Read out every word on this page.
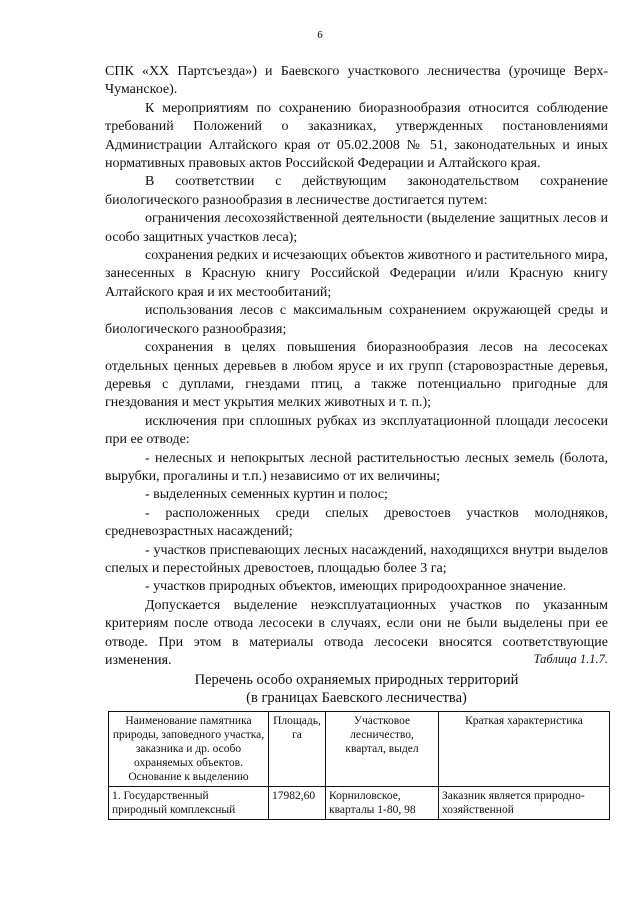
6

СПК «XX Партсъезда») и Баевского участкового лесничества (урочище Верх-Чуманское).

К мероприятиям по сохранению биоразнообразия относится соблюдение требований Положений о заказниках, утвержденных постановлениями Администрации Алтайского края от 05.02.2008 № 51, законодательных и иных нормативных правовых актов Российской Федерации и Алтайского края.

В соответствии с действующим законодательством сохранение биологического разнообразия в лесничестве достигается путем:

ограничения лесохозяйственной деятельности (выделение защитных лесов и особо защитных участков леса);

сохранения редких и исчезающих объектов животного и растительного мира, занесенных в Красную книгу Российской Федерации и/или Красную книгу Алтайского края и их местообитаний;

использования лесов с максимальным сохранением окружающей среды и биологического разнообразия;

сохранения в целях повышения биоразнообразия лесов на лесосеках отдельных ценных деревьев в любом ярусе и их групп (старовозрастные деревья, деревья с дуплами, гнездами птиц, а также потенциально пригодные для гнездования и мест укрытия мелких животных и т. п.);

исключения при сплошных рубках из эксплуатационной площади лесосеки при ее отводе:

- нелесных и непокрытых лесной растительностью лесных земель (болота, вырубки, прогалины и т.п.) независимо от их величины;

- выделенных семенных куртин и полос;

- расположенных среди спелых древостоев участков молодняков, средневозрастных насаждений;

- участков приспевающих лесных насаждений, находящихся внутри выделов спелых и перестойных древостоев, площадью более 3 га;

- участков природных объектов, имеющих природоохранное значение.

Допускается выделение неэксплуатационных участков по указанным критериям после отвода лесосеки в случаях, если они не были выделены при ее отводе. При этом в материалы отвода лесосеки вносятся соответствующие изменения.	Таблица 1.1.7.
Перечень особо охраняемых природных территорий
(в границах Баевского лесничества)
Наименование памятника природы, заповедного участка, заказника и др. особо охраняемых объектов. Основание к выделению	Площадь, га	Участковое лесничество, квартал, выдел	Краткая характеристика
1. Государственный природный комплексный	17982,60	Корниловское, кварталы 1-80, 98	Заказник является природно-хозяйственной
